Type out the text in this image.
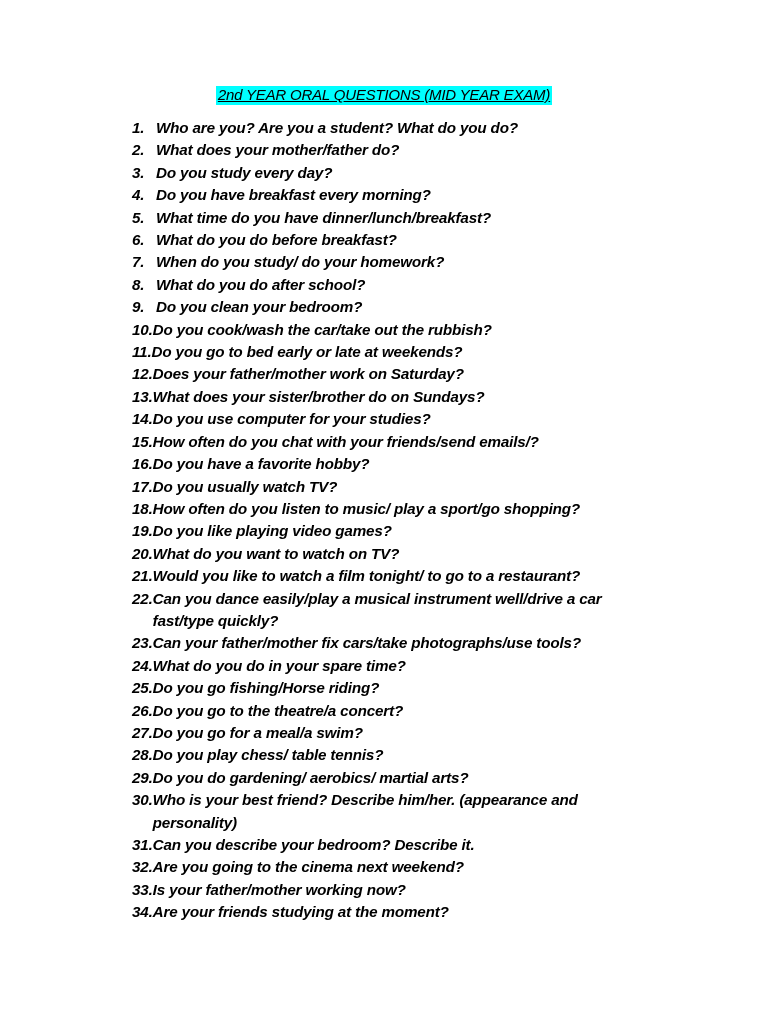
2nd YEAR ORAL QUESTIONS (MID YEAR EXAM)
1. Who are you? Are you a student? What do you do?
2. What does your mother/father do?
3. Do you study every day?
4. Do you have breakfast every morning?
5. What time do you have dinner/lunch/breakfast?
6. What do you do before breakfast?
7. When do you study/ do your homework?
8. What do you do after school?
9. Do you clean your bedroom?
10. Do you cook/wash the car/take out the rubbish?
11. Do you go to bed early or late at weekends?
12. Does your father/mother work on Saturday?
13. What does your sister/brother do on Sundays?
14. Do you use computer for your studies?
15. How often do you chat with your friends/send emails/?
16. Do you have a favorite hobby?
17. Do you usually watch TV?
18. How often do you listen to music/ play a sport/go shopping?
19. Do you like playing video games?
20. What do you want to watch on TV?
21. Would you like to watch a film tonight/ to go to a restaurant?
22. Can you dance easily/play a musical instrument well/drive a car fast/type quickly?
23. Can your father/mother fix cars/take photographs/use tools?
24. What do you do in your spare time?
25. Do you go fishing/Horse riding?
26. Do you go to the theatre/a concert?
27. Do you go for a meal/a swim?
28. Do you play chess/ table tennis?
29. Do you do gardening/ aerobics/ martial arts?
30. Who is your best friend? Describe him/her. (appearance and personality)
31. Can you describe your bedroom? Describe it.
32. Are you going to the cinema next weekend?
33. Is your father/mother working now?
34. Are your friends studying at the moment?
